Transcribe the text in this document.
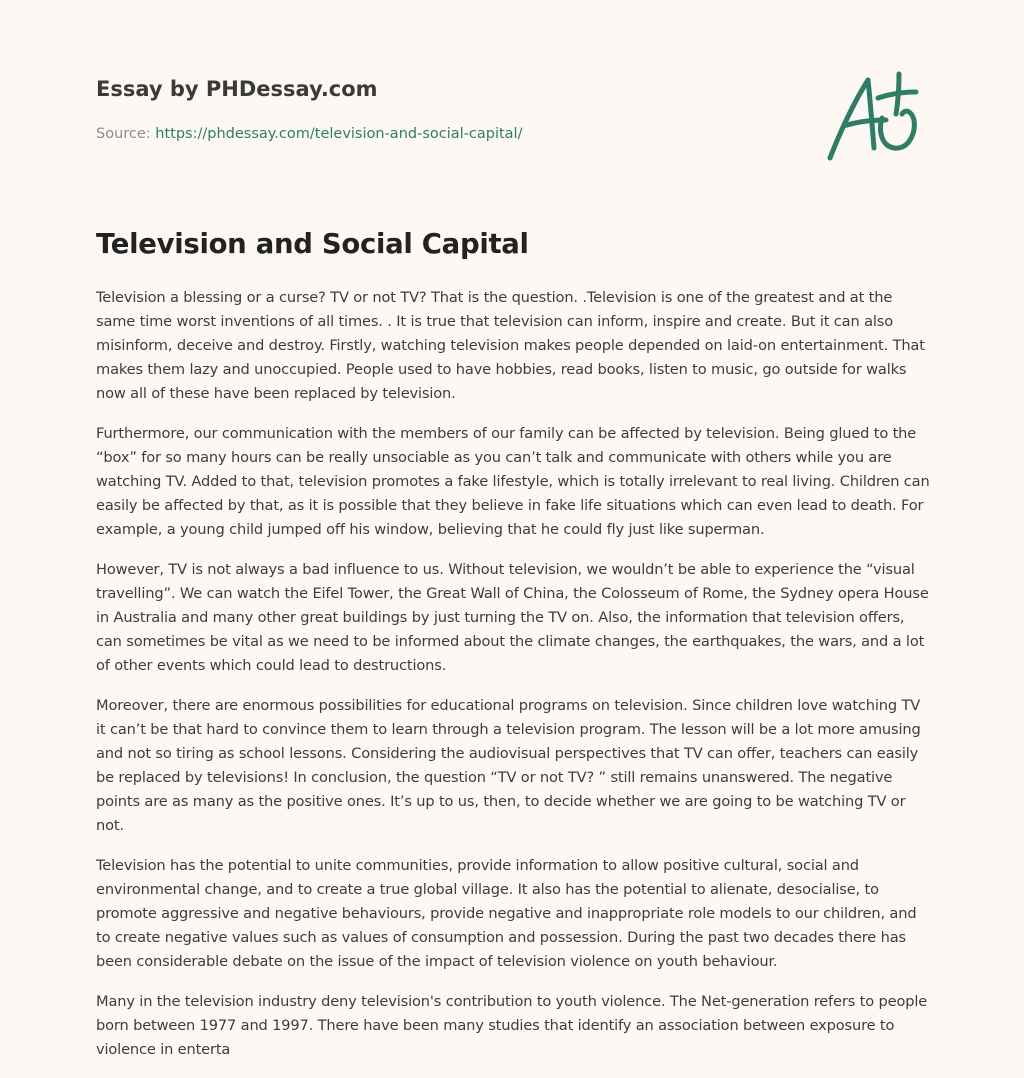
Essay by PHDessay.com
Source: https://phdessay.com/television-and-social-capital/
Television and Social Capital

Television a blessing or a curse? TV or not TV? That is the question. .Television is one of the greatest and at the same time worst inventions of all times. . It is true that television can inform, inspire and create. But it can also misinform, deceive and destroy. Firstly, watching television makes people depended on laid-on entertainment. That makes them lazy and unoccupied. People used to have hobbies, read books, listen to music, go outside for walks now all of these have been replaced by television.

Furthermore, our communication with the members of our family can be affected by television. Being glued to the “box” for so many hours can be really unsociable as you can’t talk and communicate with others while you are watching TV. Added to that, television promotes a fake lifestyle, which is totally irrelevant to real living. Children can easily be affected by that, as it is possible that they believe in fake life situations which can even lead to death. For example, a young child jumped off his window, believing that he could fly just like superman.

However, TV is not always a bad influence to us. Without television, we wouldn’t be able to experience the “visual travelling”. We can watch the Eifel Tower, the Great Wall of China, the Colosseum of Rome, the Sydney opera House in Australia and many other great buildings by just turning the TV on. Also, the information that television offers, can sometimes be vital as we need to be informed about the climate changes, the earthquakes, the wars, and a lot of other events which could lead to destructions.

Moreover, there are enormous possibilities for educational programs on television. Since children love watching TV it can’t be that hard to convince them to learn through a television program. The lesson will be a lot more amusing and not so tiring as school lessons. Considering the audiovisual perspectives that TV can offer, teachers can easily be replaced by televisions! In conclusion, the question “TV or not TV? ” still remains unanswered. The negative points are as many as the positive ones. It’s up to us, then, to decide whether we are going to be watching TV or not.

Television has the potential to unite communities, provide information to allow positive cultural, social and environmental change, and to create a true global village. It also has the potential to alienate, desocialise, to promote aggressive and negative behaviours, provide negative and inappropriate role models to our children, and to create negative values such as values of consumption and possession. During the past two decades there has been considerable debate on the issue of the impact of television violence on youth behaviour.

Many in the television industry deny television's contribution to youth violence. The Net-generation refers to people born between 1977 and 1997. There have been many studies that identify an association between exposure to violence in enterta
